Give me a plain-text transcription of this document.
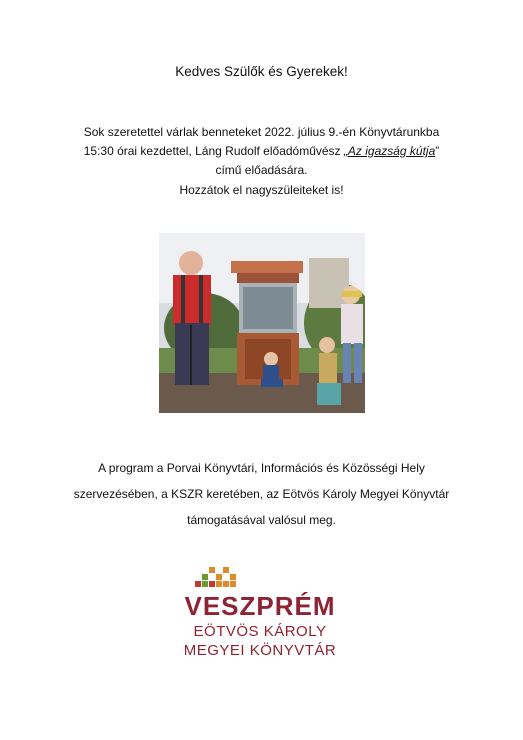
Kedves Szülők és Gyerekek!
Sok szeretettel várlak benneteket 2022. július 9.-én Könyvtárunkba
15:30 órai kezdettel, Láng Rudolf előadóművész „Az igazság kútja”
című előadására.
Hozzátok el nagyszüleiteket is!
A program a Porvai Könyvtári, Információs és Közösségi Hely
szervezésében, a KSZR keretében, az Eötvös Károly Megyei Könyvtár
támogatásával valósul meg.
VESZPRÉM
EÖTVÖS KÁROLY
MEGYEI KÖNYVTÁR
